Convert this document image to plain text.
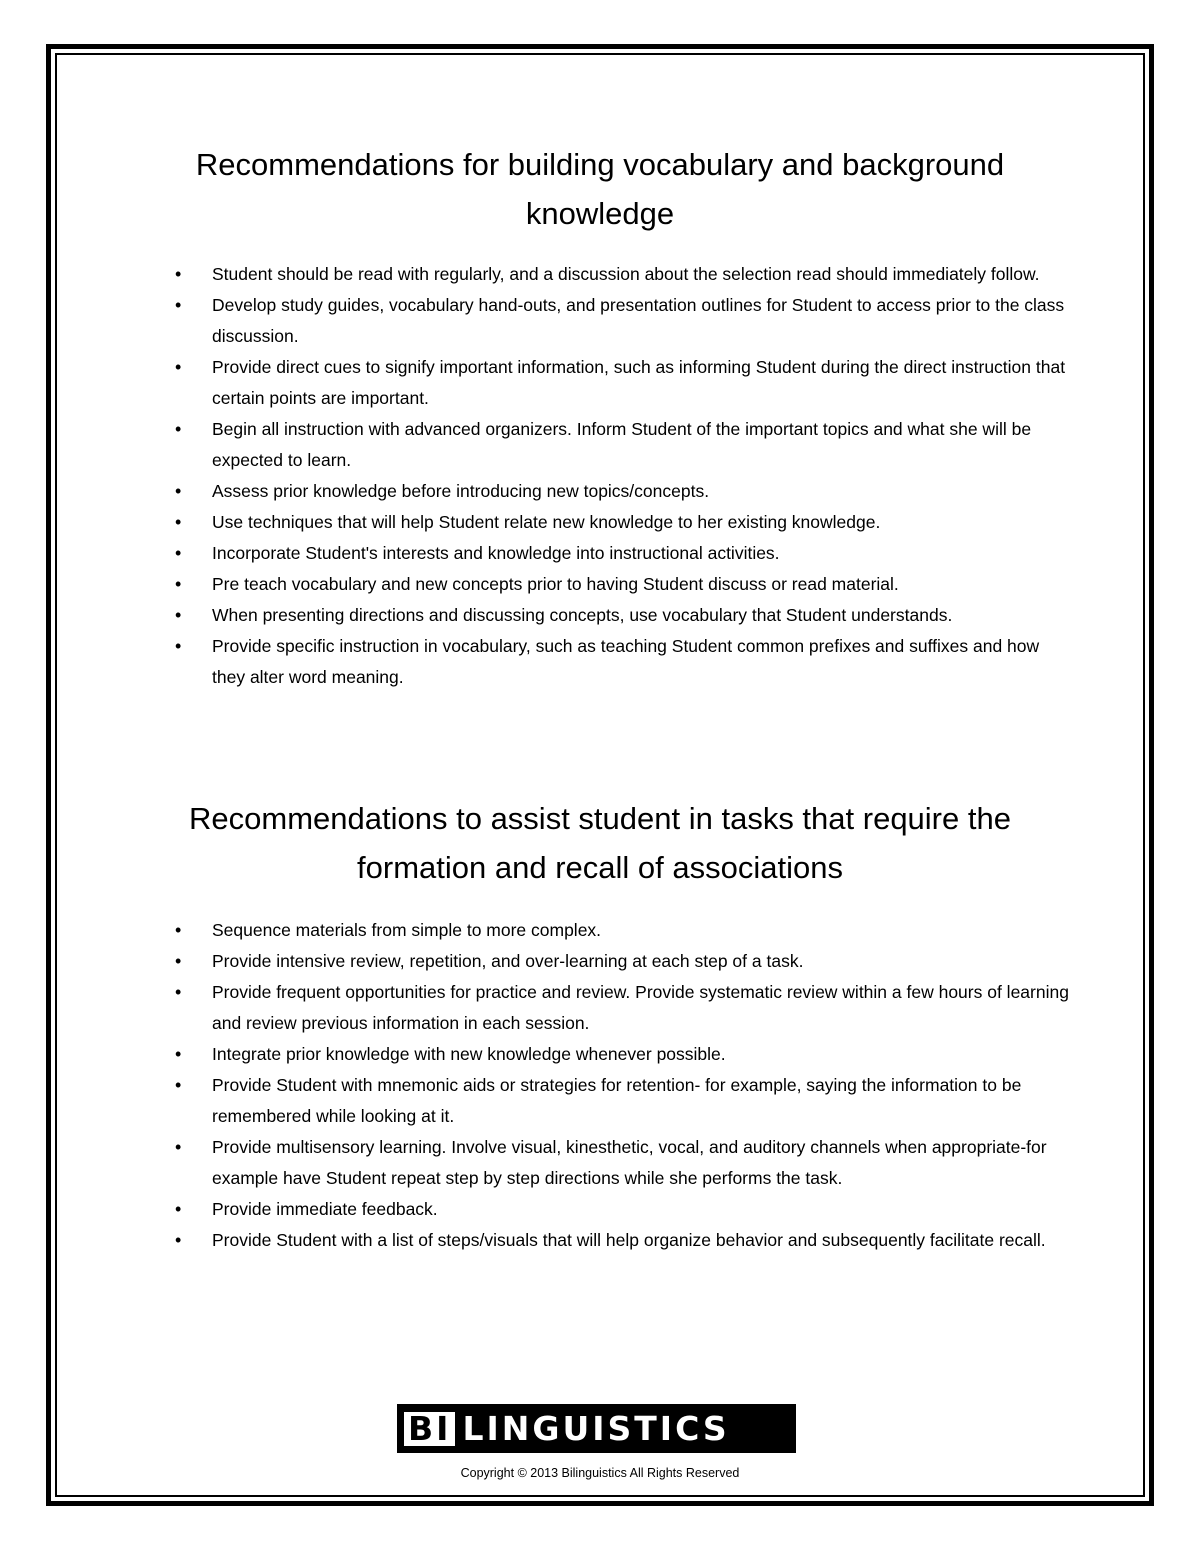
Recommendations for building vocabulary and background knowledge
• Student should be read with regularly, and a discussion about the selection read should immediately follow.
• Develop study guides, vocabulary hand-outs, and presentation outlines for Student to access prior to the class discussion.
• Provide direct cues to signify important information, such as informing Student during the direct instruction that certain points are important.
• Begin all instruction with advanced organizers. Inform Student of the important topics and what she will be expected to learn.
• Assess prior knowledge before introducing new topics/concepts.
• Use techniques that will help Student relate new knowledge to her existing knowledge.
• Incorporate Student's interests and knowledge into instructional activities.
• Pre teach vocabulary and new concepts prior to having Student discuss or read material.
• When presenting directions and discussing concepts, use vocabulary that Student understands.
• Provide specific instruction in vocabulary, such as teaching Student common prefixes and suffixes and how they alter word meaning.
Recommendations to assist student in tasks that require the formation and recall of associations
• Sequence materials from simple to more complex.
• Provide intensive review, repetition, and over-learning at each step of a task.
• Provide frequent opportunities for practice and review. Provide systematic review within a few hours of learning and review previous information in each session.
• Integrate prior knowledge with new knowledge whenever possible.
• Provide Student with mnemonic aids or strategies for retention- for example, saying the information to be remembered while looking at it.
• Provide multisensory learning. Involve visual, kinesthetic, vocal, and auditory channels when appropriate-for example have Student repeat step by step directions while she performs the task.
• Provide immediate feedback.
• Provide Student with a list of steps/visuals that will help organize behavior and subsequently facilitate recall.
BI LINGUISTICS
Copyright © 2013 Bilinguistics All Rights Reserved
